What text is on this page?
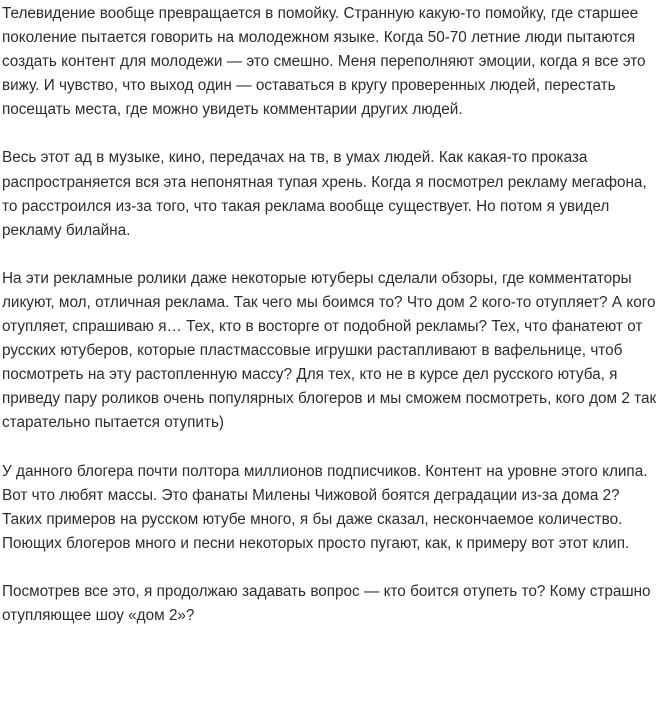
Телевидение вообще превращается в помойку. Странную какую-то помойку, где старшее поколение пытается говорить на молодежном языке. Когда 50-70 летние люди пытаются создать контент для молодежи — это смешно. Меня переполняют эмоции, когда я все это вижу. И чувство, что выход один — оставаться в кругу проверенных людей, перестать посещать места, где можно увидеть комментарии других людей.

Весь этот ад в музыке, кино, передачах на тв, в умах людей. Как какая-то проказа распространяется вся эта непонятная тупая хрень. Когда я посмотрел рекламу мегафона, то расстроился из-за того, что такая реклама вообще существует. Но потом я увидел рекламу билайна.

На эти рекламные ролики даже некоторые ютуберы сделали обзоры, где комментаторы ликуют, мол, отличная реклама. Так чего мы боимся то? Что дом 2 кого-то отупляет? А кого отупляет, спрашиваю я… Тех, кто в восторге от подобной рекламы? Тех, что фанатеют от русских ютуберов, которые пластмассовые игрушки растапливают в вафельнице, чтоб посмотреть на эту растопленную массу? Для тех, кто не в курсе дел русского ютуба, я приведу пару роликов очень популярных блогеров и мы сможем посмотреть, кого дом 2 так старательно пытается отупить)

У данного блогера почти полтора миллионов подписчиков. Контент на уровне этого клипа. Вот что любят массы. Это фанаты Милены Чижовой боятся деградации из-за дома 2? Таких примеров на русском ютубе много, я бы даже сказал, нескончаемое количество. Поющих блогеров много и песни некоторых просто пугают, как, к примеру вот этот клип.

Посмотрев все это, я продолжаю задавать вопрос — кто боится отупеть то? Кому страшно отупляющее шоу «дом 2»?
